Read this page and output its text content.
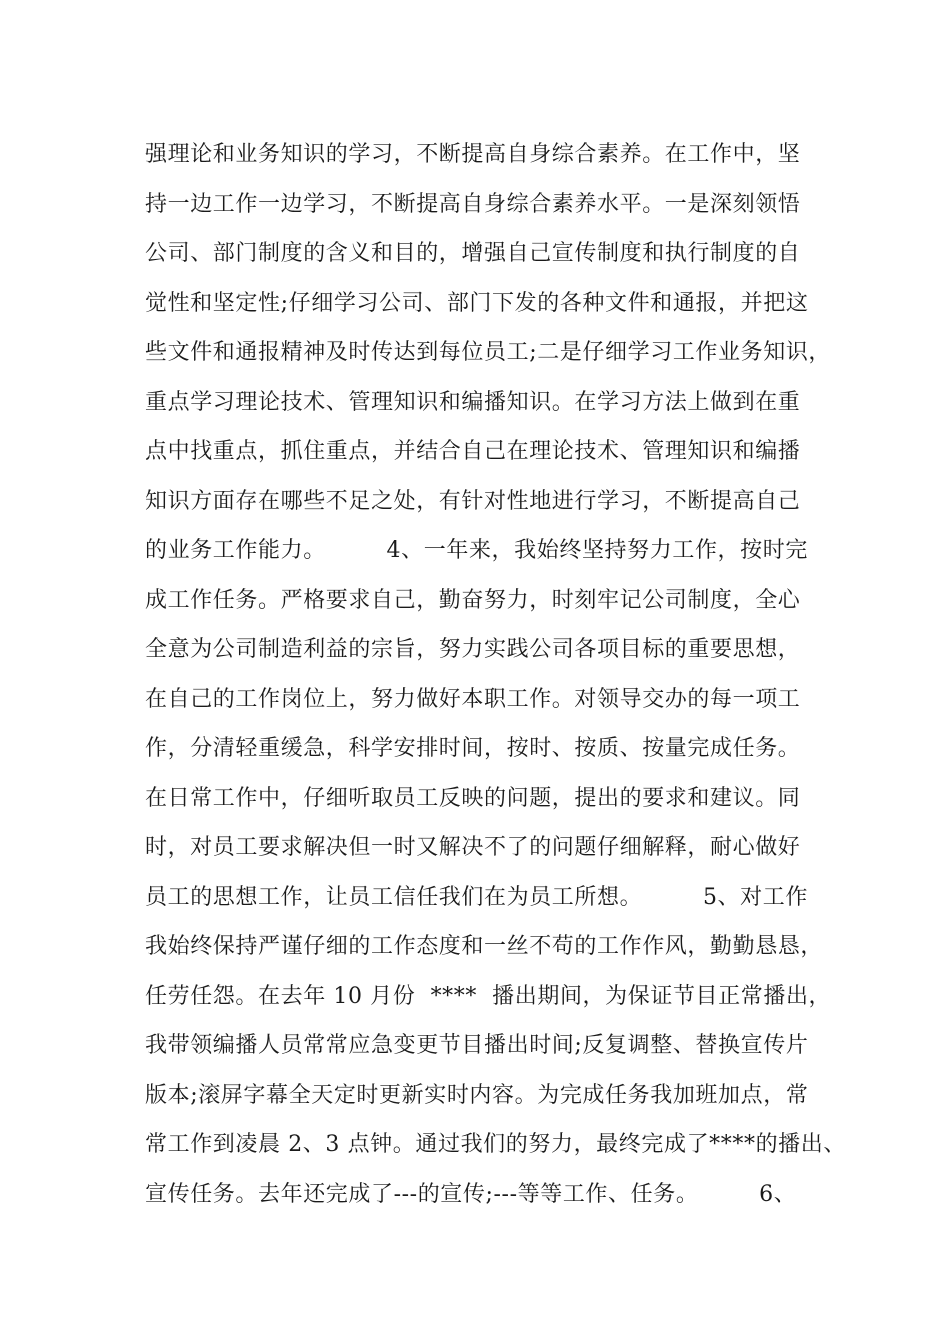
强理论和业务知识的学习，不断提高自身综合素养。在工作中，坚
持一边工作一边学习，不断提高自身综合素养水平。一是深刻领悟
公司、部门制度的含义和目的，增强自己宣传制度和执行制度的自
觉性和坚定性;仔细学习公司、部门下发的各种文件和通报，并把这
些文件和通报精神及时传达到每位员工;二是仔细学习工作业务知识，
重点学习理论技术、管理知识和编播知识。在学习方法上做到在重
点中找重点，抓住重点，并结合自己在理论技术、管理知识和编播
知识方面存在哪些不足之处，有针对性地进行学习，不断提高自己
的业务工作能力。        4、一年来，我始终坚持努力工作，按时完
成工作任务。严格要求自己，勤奋努力，时刻牢记公司制度，全心
全意为公司制造利益的宗旨，努力实践公司各项目标的重要思想，
在自己的工作岗位上，努力做好本职工作。对领导交办的每一项工
作，分清轻重缓急，科学安排时间，按时、按质、按量完成任务。
在日常工作中，仔细听取员工反映的问题，提出的要求和建议。同
时，对员工要求解决但一时又解决不了的问题仔细解释，耐心做好
员工的思想工作，让员工信任我们在为员工所想。        5、对工作
我始终保持严谨仔细的工作态度和一丝不苟的工作作风，勤勤恳恳，
任劳任怨。在去年 10 月份  ****  播出期间，为保证节目正常播出，
我带领编播人员常常应急变更节目播出时间;反复调整、替换宣传片
版本;滚屏字幕全天定时更新实时内容。为完成任务我加班加点，常
常工作到凌晨 2、3 点钟。通过我们的努力，最终完成了****的播出、
宣传任务。去年还完成了---的宣传;---等等工作、任务。        6、
